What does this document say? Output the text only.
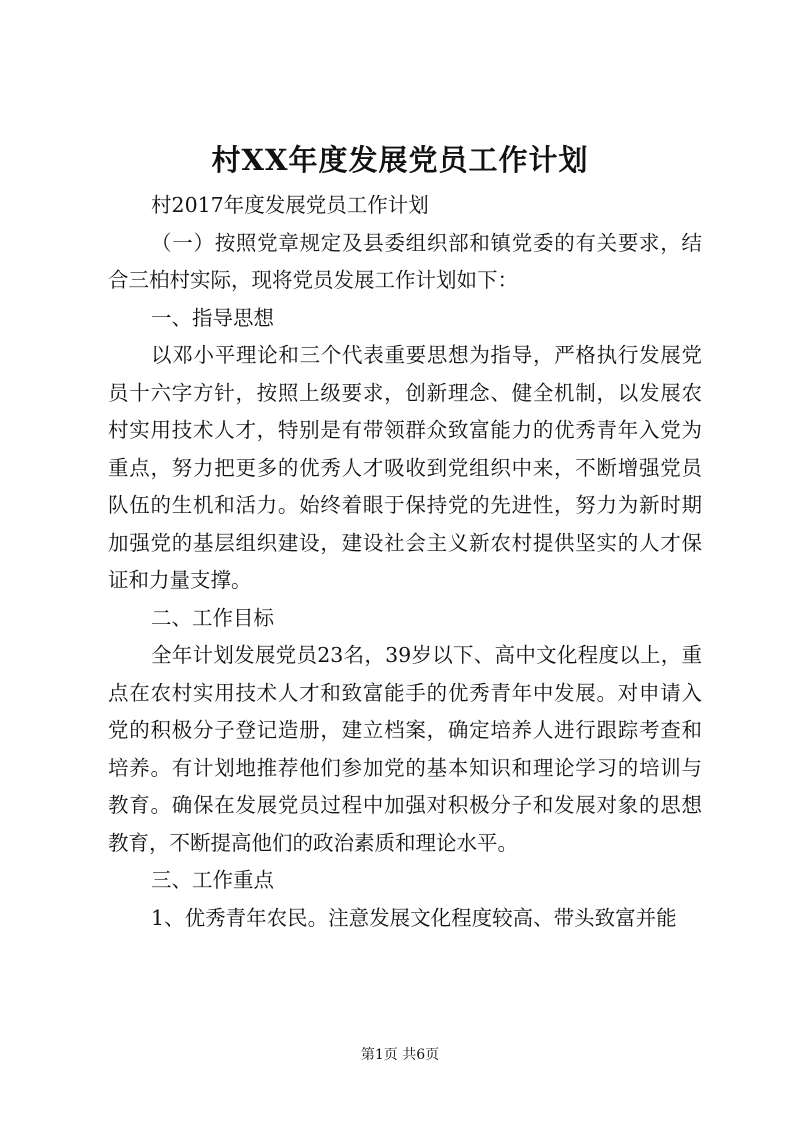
村XX年度发展党员工作计划

村2017年度发展党员工作计划

（一）按照党章规定及县委组织部和镇党委的有关要求，结合三柏村实际，现将党员发展工作计划如下：

一、指导思想

以邓小平理论和三个代表重要思想为指导，严格执行发展党员十六字方针，按照上级要求，创新理念、健全机制，以发展农村实用技术人才，特别是有带领群众致富能力的优秀青年入党为重点，努力把更多的优秀人才吸收到党组织中来，不断增强党员队伍的生机和活力。始终着眼于保持党的先进性，努力为新时期加强党的基层组织建设，建设社会主义新农村提供坚实的人才保证和力量支撑。

二、工作目标

全年计划发展党员23名，39岁以下、高中文化程度以上，重点在农村实用技术人才和致富能手的优秀青年中发展。对申请入党的积极分子登记造册，建立档案，确定培养人进行跟踪考查和培养。有计划地推荐他们参加党的基本知识和理论学习的培训与教育。确保在发展党员过程中加强对积极分子和发展对象的思想教育，不断提高他们的政治素质和理论水平。

三、工作重点

1、优秀青年农民。注意发展文化程度较高、带头致富并能

第1页 共6页
